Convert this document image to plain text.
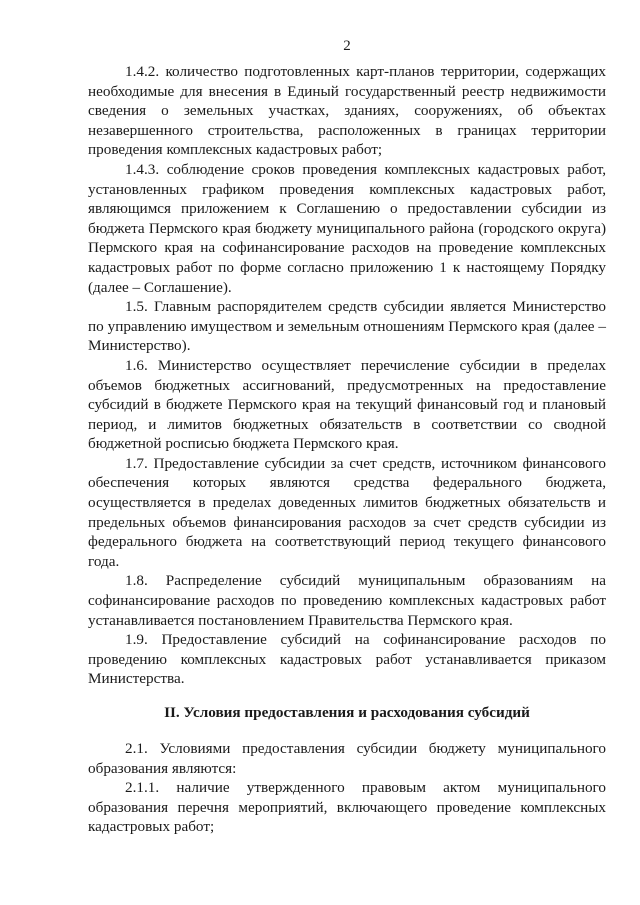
2

1.4.2. количество подготовленных карт-планов территории, содержащих необходимые для внесения в Единый государственный реестр недвижимости сведения о земельных участках, зданиях, сооружениях, об объектах незавершенного строительства, расположенных в границах территории проведения комплексных кадастровых работ;

1.4.3. соблюдение сроков проведения комплексных кадастровых работ, установленных графиком проведения комплексных кадастровых работ, являющимся приложением к Соглашению о предоставлении субсидии из бюджета Пермского края бюджету муниципального района (городского округа) Пермского края на софинансирование расходов на проведение комплексных кадастровых работ по форме согласно приложению 1 к настоящему Порядку (далее – Соглашение).

1.5. Главным распорядителем средств субсидии является Министерство по управлению имуществом и земельным отношениям Пермского края (далее – Министерство).

1.6. Министерство осуществляет перечисление субсидии в пределах объемов бюджетных ассигнований, предусмотренных на предоставление субсидий в бюджете Пермского края на текущий финансовый год и плановый период, и лимитов бюджетных обязательств в соответствии со сводной бюджетной росписью бюджета Пермского края.

1.7. Предоставление субсидии за счет средств, источником финансового обеспечения которых являются средства федерального бюджета, осуществляется в пределах доведенных лимитов бюджетных обязательств и предельных объемов финансирования расходов за счет средств субсидии из федерального бюджета на соответствующий период текущего финансового года.

1.8. Распределение субсидий муниципальным образованиям на софинансирование расходов по проведению комплексных кадастровых работ устанавливается постановлением Правительства Пермского края.

1.9. Предоставление субсидий на софинансирование расходов по проведению комплексных кадастровых работ устанавливается приказом Министерства.

II. Условия предоставления и расходования субсидий

2.1. Условиями предоставления субсидии бюджету муниципального образования являются:

2.1.1. наличие утвержденного правовым актом муниципального образования перечня мероприятий, включающего проведение комплексных кадастровых работ;
